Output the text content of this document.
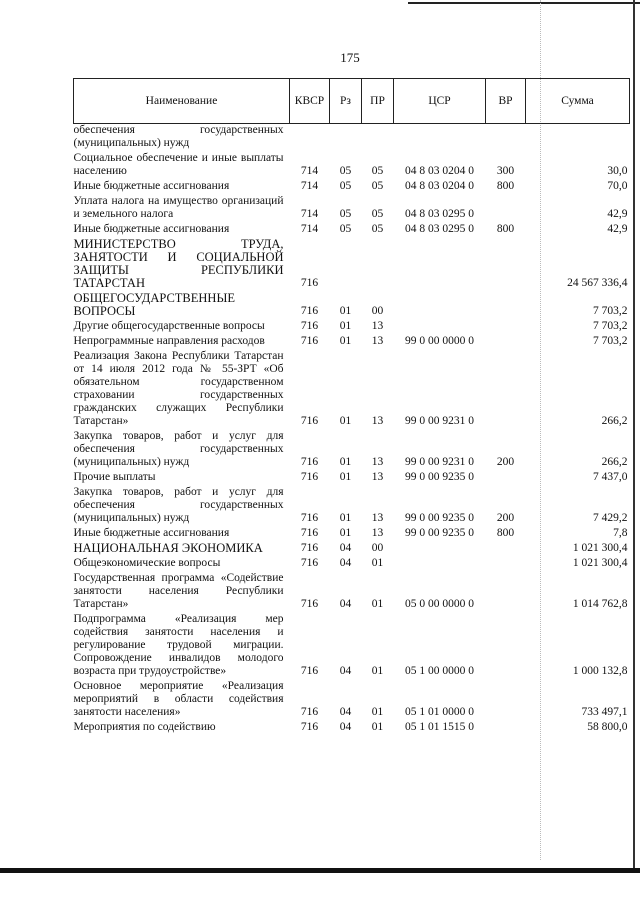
175
Наименование	КВСР	Рз	ПР	ЦСР	ВР	Сумма
обеспечения государственных (муниципальных) нужд						
Социальное обеспечение и иные выплаты населению	714	05	05	04 8 03 0204 0	300	30,0
Иные бюджетные ассигнования	714	05	05	04 8 03 0204 0	800	70,0
Уплата налога на имущество организаций и земельного налога	714	05	05	04 8 03 0295 0		42,9
Иные бюджетные ассигнования	714	05	05	04 8 03 0295 0	800	42,9
МИНИСТЕРСТВО ТРУДА, ЗАНЯТОСТИ И СОЦИАЛЬНОЙ ЗАЩИТЫ РЕСПУБЛИКИ ТАТАРСТАН	716					24 567 336,4
ОБЩЕГОСУДАРСТВЕННЫЕ ВОПРОСЫ	716	01	00			7 703,2
Другие общегосударственные вопросы	716	01	13			7 703,2
Непрограммные направления расходов	716	01	13	99 0 00 0000 0		7 703,2
Реализация Закона Республики Татарстан от 14 июля 2012 года № 55-ЗРТ «Об обязательном государственном страховании государственных гражданских служащих Республики Татарстан»	716	01	13	99 0 00 9231 0		266,2
Закупка товаров, работ и услуг для обеспечения государственных (муниципальных) нужд	716	01	13	99 0 00 9231 0	200	266,2
Прочие выплаты	716	01	13	99 0 00 9235 0		7 437,0
Закупка товаров, работ и услуг для обеспечения государственных (муниципальных) нужд	716	01	13	99 0 00 9235 0	200	7 429,2
Иные бюджетные ассигнования	716	01	13	99 0 00 9235 0	800	7,8
НАЦИОНАЛЬНАЯ ЭКОНОМИКА	716	04	00			1 021 300,4
Общеэкономические вопросы	716	04	01			1 021 300,4
Государственная программа «Содействие занятости населения Республики Татарстан»	716	04	01	05 0 00 0000 0		1 014 762,8
Подпрограмма «Реализация мер содействия занятости населения и регулирование трудовой миграции. Сопровождение инвалидов молодого возраста при трудоустройстве»	716	04	01	05 1 00 0000 0		1 000 132,8
Основное мероприятие «Реализация мероприятий в области содействия занятости населения»	716	04	01	05 1 01 0000 0		733 497,1
Мероприятия по содействию	716	04	01	05 1 01 1515 0		58 800,0
